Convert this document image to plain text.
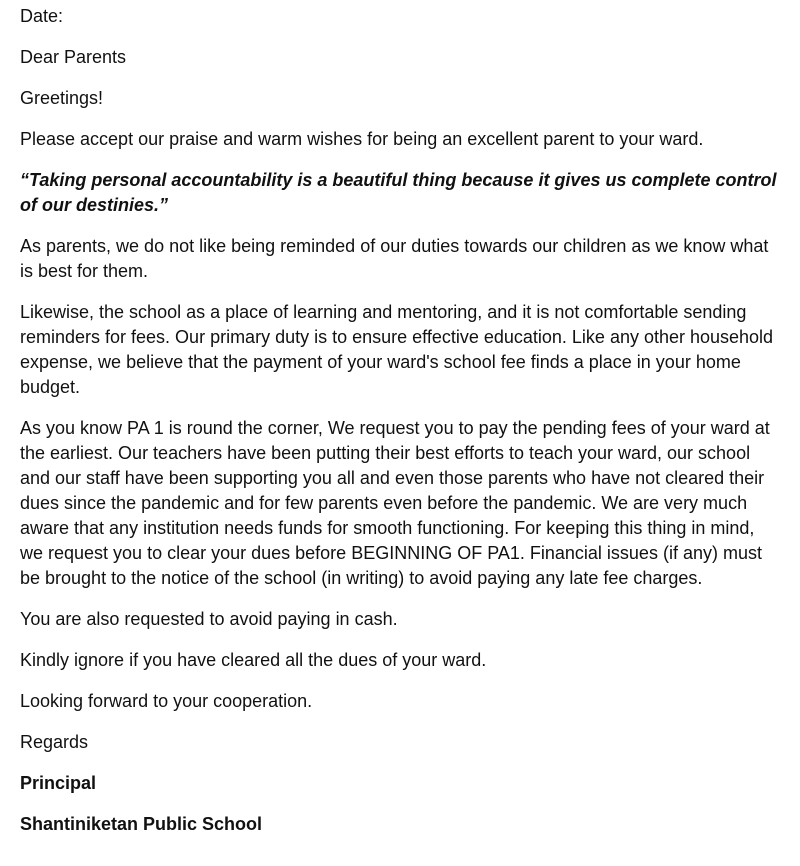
Date:

Dear Parents

Greetings!

Please accept our praise and warm wishes for being an excellent parent to your ward.

“Taking personal accountability is a beautiful thing because it gives us complete control of our destinies.”

As parents, we do not like being reminded of our duties towards our children as we know what is best for them.

Likewise, the school as a place of learning and mentoring, and it is not comfortable sending reminders for fees. Our primary duty is to ensure effective education. Like any other household expense, we believe that the payment of your ward's school fee finds a place in your home budget.

As you know PA 1 is round the corner, We request you to pay the pending fees of your ward at the earliest. Our teachers have been putting their best efforts to teach your ward, our school and our staff have been supporting you all and even those parents who have not cleared their dues since the pandemic and for few parents even before the pandemic. We are very much aware that any institution needs funds for smooth functioning. For keeping this thing in mind, we request you to clear your dues before BEGINNING OF PA1. Financial issues (if any) must be brought to the notice of the school (in writing) to avoid paying any late fee charges.

You are also requested to avoid paying in cash.

Kindly ignore if you have cleared all the dues of your ward.

Looking forward to your cooperation.

Regards

Principal

Shantiniketan Public School
